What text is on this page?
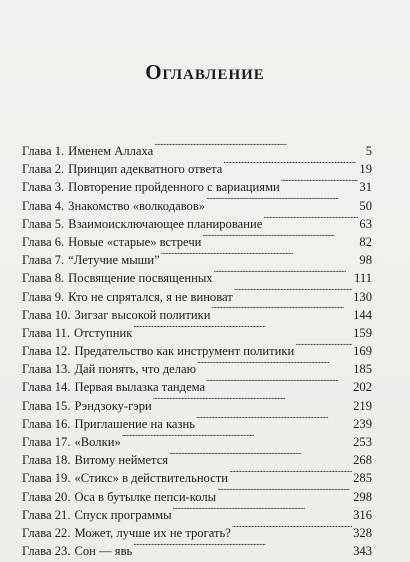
Оглавление
Глава 1. Именем Аллаха . . .	5
Глава 2. Принцип адекватного ответа . . .	19
Глава 3. Повторение пройденного с вариациями . . .	31
Глава 4. Знакомство «волкодавов» . . .	50
Глава 5. Взаимоисключающее планирование . . .	63
Глава 6. Новые «старые» встречи . . .	82
Глава 7. “Летучие мыши” . . .	98
Глава 8. Посвящение посвященных . . .	111
Глава 9. Кто не спрятался, я не виноват . . .	130
Глава 10. Зигзаг высокой политики . . .	144
Глава 11. Отступник . . .	159
Глава 12. Предательство как инструмент политики . . .	169
Глава 13. Дай понять, что делаю . . .	185
Глава 14. Первая вылазка тандема . . .	202
Глава 15. Рэндзоку-гэри . . .	219
Глава 16. Приглашение на казнь . . .	239
Глава 17. «Волки» . . .	253
Глава 18. Витому неймется . . .	268
Глава 19. «Стикс» в действительности . . .	285
Глава 20. Оса в бутылке пепси-колы . . .	298
Глава 21. Спуск программы . . .	316
Глава 22. Может, лучше их не трогать? . . .	328
Глава 23. Сон — явь . . .	343
